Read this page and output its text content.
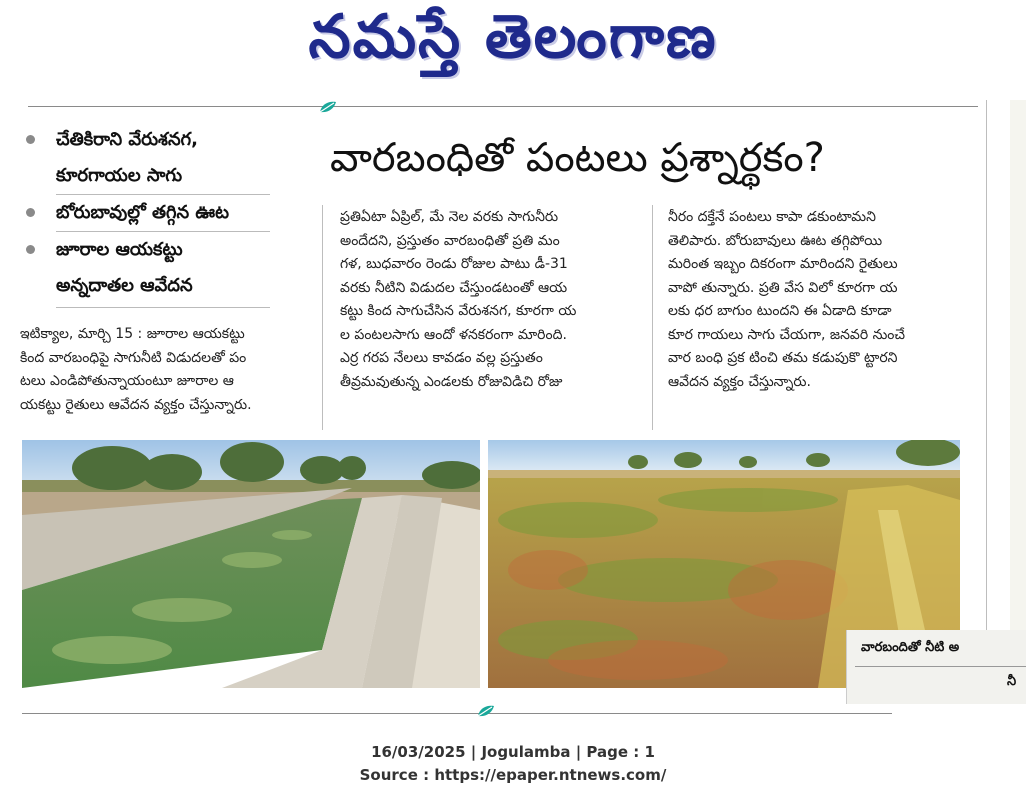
నమస్తే తెలంగాణ
చేతికిరాని వేరుశనగ,
కూరగాయల సాగు
బోరుబావుల్లో తగ్గిన ఊట
జూరాల ఆయకట్టు
అన్నదాతల ఆవేదన
వారబంధితో పంటలు ప్రశ్నార్థకం?
ఇటిక్యాల, మార్చి 15 : జూరాల ఆయకట్టు
కింద వారబంధిపై సాగునీటి విడుదలతో పం
టలు ఎండిపోతున్నాయంటూ జూరాల ఆ
యకట్టు రైతులు ఆవేదన వ్యక్తం చేస్తున్నారు.
ప్రతిఏటా ఏప్రిల్, మే నెల వరకు సాగునీరు
అందేదని, ప్రస్తుతం వారబంధితో ప్రతి మం
గళ, బుధవారం రెండు రోజుల పాటు డీ-31
వరకు నీటిని విడుదల చేస్తుండటంతో ఆయ
కట్టు కింద సాగుచేసిన వేరుశనగ, కూరగా య
ల పంటలసాగు ఆందో ళనకరంగా మారింది.
ఎర్ర గరప నేలలు కావడం వల్ల ప్రస్తుతం
తీవ్రమవుతున్న ఎండలకు రోజువిడిచి రోజు
నీరం దక్తేనే పంటలు కాపా డకుంటామని
తెలిపారు. బోరుబావులు ఊట తగ్గిపోయి
మరింత ఇబ్బం దికరంగా మారిందని రైతులు
వాపో తున్నారు. ప్రతి వేస విలో కూరగా య
లకు ధర బాగుం టుందని ఈ ఏడాది కూడా
కూర గాయలు సాగు చేయగా, జనవరి నుంచే
వార బంధి ప్రక టించి తమ కడుపుకొ ట్టారని
ఆవేదన వ్యక్తం చేస్తున్నారు.
వారబందితో నీటి అ
నీ
16/03/2025 | Jogulamba | Page : 1
Source : https://epaper.ntnews.com/
